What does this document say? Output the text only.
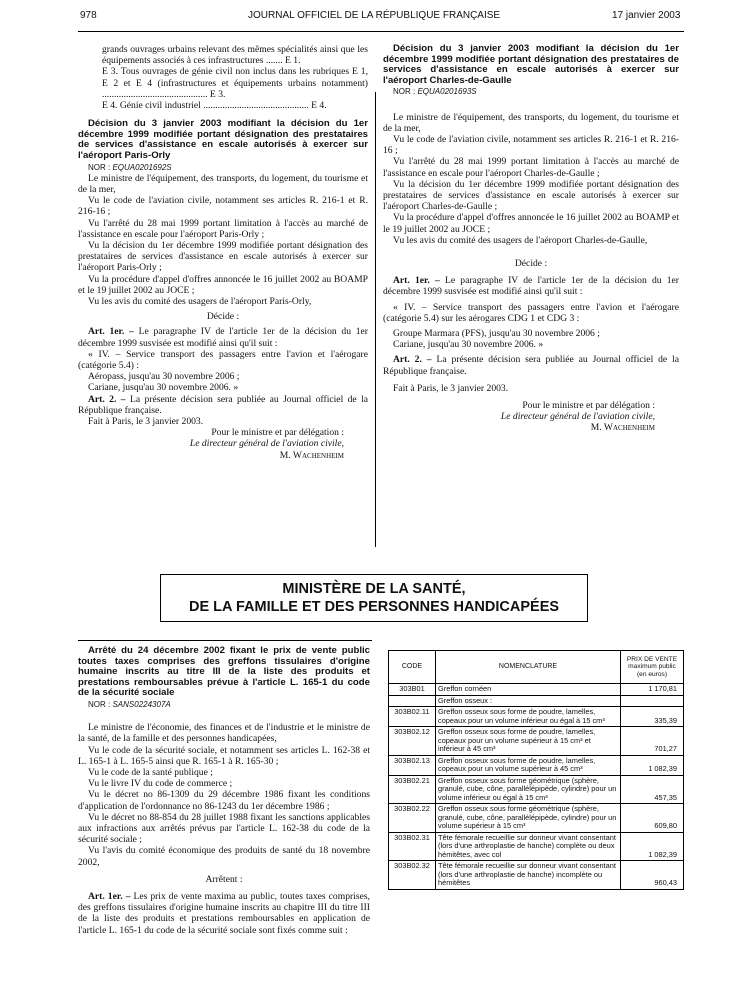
978	JOURNAL OFFICIEL DE LA RÉPUBLIQUE FRANÇAISE	17 janvier 2003

grands ouvrages urbains relevant des mêmes spécialités ainsi que les équipements associés à ces infrastructures ....... E 1.

E 3. Tous ouvrages de génie civil non inclus dans les rubriques E 1, E 2 et E 4 (infrastructures et équipements urbains notamment) ............................................ E 3.

E 4. Génie civil industriel ............................................ E 4.

Décision du 3 janvier 2003 modifiant la décision du 1er décembre 1999 modifiée portant désignation des prestataires de services d'assistance en escale autorisés à exercer sur l'aéroport Paris-Orly

NOR : EQUA0201692S

Le ministre de l'équipement, des transports, du logement, du tourisme et de la mer,

Vu le code de l'aviation civile, notamment ses articles R. 216-1 et R. 216-16 ;

Vu l'arrêté du 28 mai 1999 portant limitation à l'accès au marché de l'assistance en escale pour l'aéroport Paris-Orly ;

Vu la décision du 1er décembre 1999 modifiée portant désignation des prestataires de services d'assistance en escale autorisés à exercer sur l'aéroport Paris-Orly ;

Vu la procédure d'appel d'offres annoncée le 16 juillet 2002 au BOAMP et le 19 juillet 2002 au JOCE ;

Vu les avis du comité des usagers de l'aéroport Paris-Orly,

Décide :

Art. 1er. – Le paragraphe IV de l'article 1er de la décision du 1er décembre 1999 susvisée est modifié ainsi qu'il suit :

« IV. – Service transport des passagers entre l'avion et l'aérogare (catégorie 5.4) :

Aéropass, jusqu'au 30 novembre 2006 ;

Cariane, jusqu'au 30 novembre 2006. »

Art. 2. – La présente décision sera publiée au Journal officiel de la République française.

Fait à Paris, le 3 janvier 2003.

Pour le ministre et par délégation :

Le directeur général de l'aviation civile,

M. Wachenheim

Décision du 3 janvier 2003 modifiant la décision du 1er décembre 1999 modifiée portant désignation des prestataires de services d'assistance en escale autorisés à exercer sur l'aéroport Charles-de-Gaulle

NOR : EQUA0201693S

Le ministre de l'équipement, des transports, du logement, du tourisme et de la mer,

Vu le code de l'aviation civile, notamment ses articles R. 216-1 et R. 216-16 ;

Vu l'arrêté du 28 mai 1999 portant limitation à l'accès au marché de l'assistance en escale pour l'aéroport Charles-de-Gaulle ;

Vu la décision du 1er décembre 1999 modifiée portant désignation des prestataires de services d'assistance en escale autorisés à exercer sur l'aéroport Charles-de-Gaulle ;

Vu la procédure d'appel d'offres annoncée le 16 juillet 2002 au BOAMP et le 19 juillet 2002 au JOCE ;

Vu les avis du comité des usagers de l'aéroport Charles-de-Gaulle,

Décide :

Art. 1er. – Le paragraphe IV de l'article 1er de la décision du 1er décembre 1999 susvisée est modifié ainsi qu'il suit :

« IV. – Service transport des passagers entre l'avion et l'aérogare (catégorie 5.4) sur les aérogares CDG 1 et CDG 3 :

Groupe Marmara (PFS), jusqu'au 30 novembre 2006 ;

Cariane, jusqu'au 30 novembre 2006. »

Art. 2. – La présente décision sera publiée au Journal officiel de la République française.

Fait à Paris, le 3 janvier 2003.

Pour le ministre et par délégation :

Le directeur général de l'aviation civile,

M. Wachenheim

MINISTÈRE DE LA SANTÉ,
DE LA FAMILLE ET DES PERSONNES HANDICAPÉES

Arrêté du 24 décembre 2002 fixant le prix de vente public toutes taxes comprises des greffons tissulaires d'origine humaine inscrits au titre III de la liste des produits et prestations remboursables prévue à l'article L. 165-1 du code de la sécurité sociale

NOR : SANS0224307A

Le ministre de l'économie, des finances et de l'industrie et le ministre de la santé, de la famille et des personnes handicapées,

Vu le code de la sécurité sociale, et notamment ses articles L. 162-38 et L. 165-1 à L. 165-5 ainsi que R. 165-1 à R. 165-30 ;

Vu le code de la santé publique ;

Vu le livre IV du code de commerce ;

Vu le décret no 86-1309 du 29 décembre 1986 fixant les conditions d'application de l'ordonnance no 86-1243 du 1er décembre 1986 ;

Vu le décret no 88-854 du 28 juillet 1988 fixant les sanctions applicables aux infractions aux arrêtés prévus par l'article L. 162-38 du code de la sécurité sociale ;

Vu l'avis du comité économique des produits de santé du 18 novembre 2002,

Arrêtent :

Art. 1er. – Les prix de vente maxima au public, toutes taxes comprises, des greffons tissulaires d'origine humaine inscrits au chapitre III du titre III de la liste des produits et prestations remboursables en application de l'article L. 165-1 du code de la sécurité sociale sont fixés comme suit :

CODE	NOMENCLATURE	PRIX DE VENTE maximum public (en euros)
303B01	Greffon cornéen	1 170,81
	Greffon osseux :	
303B02.11	Greffon osseux sous forme de poudre, lamelles, copeaux pour un volume inférieur ou égal à 15 cm³	335,39
303B02.12	Greffon osseux sous forme de poudre, lamelles, copeaux pour un volume supérieur à 15 cm³ et inférieur à 45 cm³	701,27
303B02.13	Greffon osseux sous forme de poudre, lamelles, copeaux pour un volume supérieur à 45 cm³	1 082,39
303B02.21	Greffon osseux sous forme géométrique (sphère, granulé, cube, cône, parallélépipède, cylindre) pour un volume inférieur ou égal à 15 cm³	457,35
303B02.22	Greffon osseux sous forme géométrique (sphère, granulé, cube, cône, parallélépipède, cylindre) pour un volume supérieur à 15 cm³	609,80
303B02.31	Tête fémorale recueillie sur donneur vivant consentant (lors d'une arthroplastie de hanche) complète ou deux hémitêtes, avec col	1 082,39
303B02.32	Tête fémorale recueillie sur donneur vivant consentant (lors d'une arthroplastie de hanche) incomplète ou hémitêtes	960,43
